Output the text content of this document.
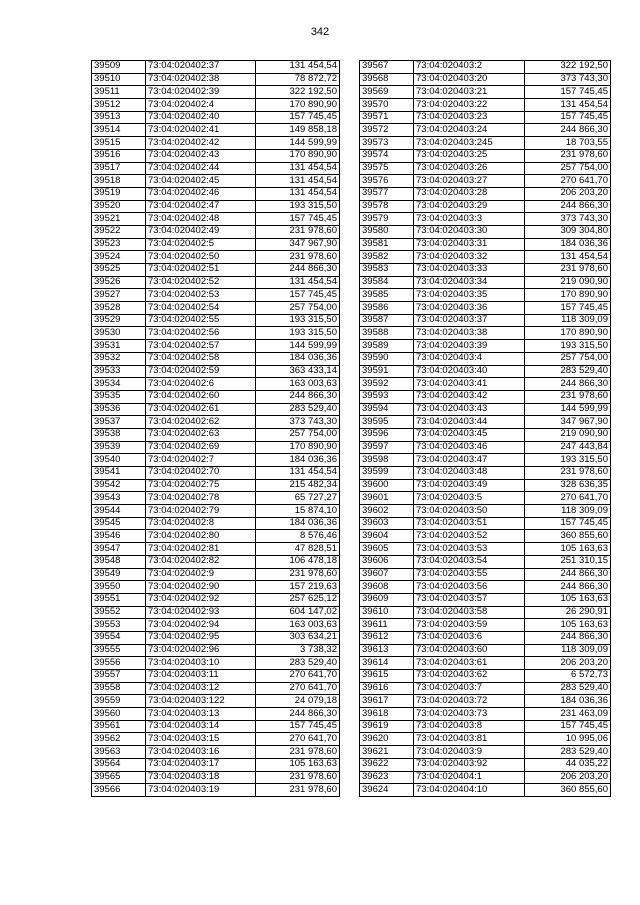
342
39509	73:04:020402:37	131 454,54
39510	73:04:020402:38	78 872,72
39511	73:04:020402:39	322 192,50
39512	73:04:020402:4	170 890,90
39513	73:04:020402:40	157 745,45
39514	73:04:020402:41	149 858,18
39515	73:04:020402:42	144 599,99
39516	73:04:020402:43	170 890,90
39517	73:04:020402:44	131 454,54
39518	73:04:020402:45	131 454,54
39519	73:04:020402:46	131 454,54
39520	73:04:020402:47	193 315,50
39521	73:04:020402:48	157 745,45
39522	73:04:020402:49	231 978,60
39523	73:04:020402:5	347 967,90
39524	73:04:020402:50	231 978,60
39525	73:04:020402:51	244 866,30
39526	73:04:020402:52	131 454,54
39527	73:04:020402:53	157 745,45
39528	73:04:020402:54	257 754,00
39529	73:04:020402:55	193 315,50
39530	73:04:020402:56	193 315,50
39531	73:04:020402:57	144 599,99
39532	73:04:020402:58	184 036,36
39533	73:04:020402:59	363 433,14
39534	73:04:020402:6	163 003,63
39535	73:04:020402:60	244 866,30
39536	73:04:020402:61	283 529,40
39537	73:04:020402:62	373 743,30
39538	73:04:020402:63	257 754,00
39539	73:04:020402:69	170 890,90
39540	73:04:020402:7	184 036,36
39541	73:04:020402:70	131 454,54
39542	73:04:020402:75	215 482,34
39543	73:04:020402:78	65 727,27
39544	73:04:020402:79	15 874,10
39545	73:04:020402:8	184 036,36
39546	73:04:020402:80	8 576,46
39547	73:04:020402:81	47 828,51
39548	73:04:020402:82	106 478,18
39549	73:04:020402:9	231 978,60
39550	73:04:020402:90	157 219,63
39551	73:04:020402:92	257 625,12
39552	73:04:020402:93	604 147,02
39553	73:04:020402:94	163 003,63
39554	73:04:020402:95	303 634,21
39555	73:04:020402:96	3 738,32
39556	73:04:020403:10	283 529,40
39557	73:04:020403:11	270 641,70
39558	73:04:020403:12	270 641,70
39559	73:04:020403:122	24 079,18
39560	73:04:020403:13	244 866,30
39561	73:04:020403:14	157 745,45
39562	73:04:020403:15	270 641,70
39563	73:04:020403:16	231 978,60
39564	73:04:020403:17	105 163,63
39565	73:04:020403:18	231 978,60
39566	73:04:020403:19	231 978,60
39567	73:04:020403:2	322 192,50
39568	73:04:020403:20	373 743,30
39569	73:04:020403:21	157 745,45
39570	73:04:020403:22	131 454,54
39571	73:04:020403:23	157 745,45
39572	73:04:020403:24	244 866,30
39573	73:04:020403:245	18 703,55
39574	73:04:020403:25	231 978,60
39575	73:04:020403:26	257 754,00
39576	73:04:020403:27	270 641,70
39577	73:04:020403:28	206 203,20
39578	73:04:020403:29	244 866,30
39579	73:04:020403:3	373 743,30
39580	73:04:020403:30	309 304,80
39581	73:04:020403:31	184 036,36
39582	73:04:020403:32	131 454,54
39583	73:04:020403:33	231 978,60
39584	73:04:020403:34	219 090,90
39585	73:04:020403:35	170 890,90
39586	73:04:020403:36	157 745,45
39587	73:04:020403:37	118 309,09
39588	73:04:020403:38	170 890,90
39589	73:04:020403:39	193 315,50
39590	73:04:020403:4	257 754,00
39591	73:04:020403:40	283 529,40
39592	73:04:020403:41	244 866,30
39593	73:04:020403:42	231 978,60
39594	73:04:020403:43	144 599,99
39595	73:04:020403:44	347 967,90
39596	73:04:020403:45	219 090,90
39597	73:04:020403:46	247 443,84
39598	73:04:020403:47	193 315,50
39599	73:04:020403:48	231 978,60
39600	73:04:020403:49	328 636,35
39601	73:04:020403:5	270 641,70
39602	73:04:020403:50	118 309,09
39603	73:04:020403:51	157 745,45
39604	73:04:020403:52	360 855,60
39605	73:04:020403:53	105 163,63
39606	73:04:020403:54	251 310,15
39607	73:04:020403:55	244 866,30
39608	73:04:020403:56	244 866,30
39609	73:04:020403:57	105 163,63
39610	73:04:020403:58	26 290,91
39611	73:04:020403:59	105 163,63
39612	73:04:020403:6	244 866,30
39613	73:04:020403:60	118 309,09
39614	73:04:020403:61	206 203,20
39615	73:04:020403:62	6 572,73
39616	73:04:020403:7	283 529,40
39617	73:04:020403:72	184 036,36
39618	73:04:020403:73	231 463,09
39619	73:04:020403:8	157 745,45
39620	73:04:020403:81	10 995,06
39621	73:04:020403:9	283 529,40
39622	73:04:020403:92	44 035,22
39623	73:04:020404:1	206 203,20
39624	73:04:020404:10	360 855,60
